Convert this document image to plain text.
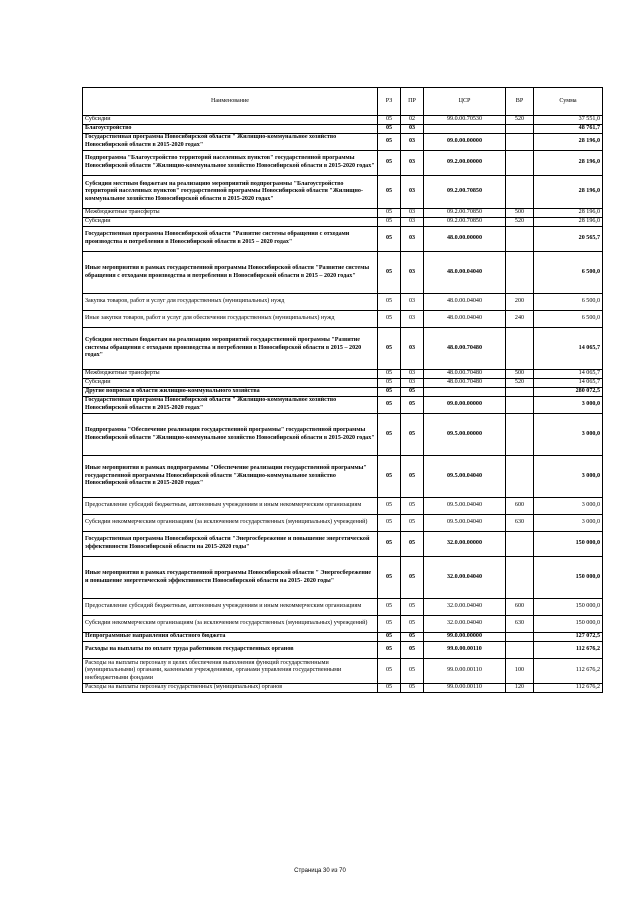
Наименование	РЗ	ПР	ЦСР	ВР	Сумма
Субсидии	05	02	99.0.00.70530	520	37 551,0
Благоустройство	05	03			48 761,7
Государственная программа Новосибирской области " Жилищно-коммунальное хозяйство Новосибирской области в 2015-2020 годах"	05	03	09.0.00.00000		28 196,0
Подпрограмма "Благоустройство территорий населенных пунктов" государственной программы Новосибирской области "Жилищно-коммунальное хозяйство Новосибирской области в 2015-2020 годах"	05	03	09.2.00.00000		28 196,0
Субсидии местным бюджетам на реализацию мероприятий подпрограммы "Благоустройство территорий населенных пунктов" государственной программы Новосибирской области "Жилищно-коммунальное хозяйство Новосибирской области в 2015-2020 годах"	05	03	09.2.00.70850		28 196,0
Межбюджетные трансферты	05	03	09.2.00.70850	500	28 196,0
Субсидии	05	03	09.2.00.70850	520	28 196,0
Государственная программа Новосибирской области "Развитие системы обращения с отходами производства и потребления в Новосибирской области в 2015 – 2020 годах"	05	03	48.0.00.00000		20 565,7
Иные мероприятия в рамках государственной программы Новосибирской области "Развитие системы обращения с отходами производства и потребления в Новосибирской области в 2015 – 2020 годах"	05	03	48.0.00.04040		6 500,0
Закупка товаров, работ и услуг для государственных (муниципальных) нужд	05	03	48.0.00.04040	200	6 500,0
Иные закупки товаров, работ и услуг для обеспечения государственных (муниципальных) нужд	05	03	48.0.00.04040	240	6 500,0
Субсидии местным бюджетам на реализацию мероприятий государственной программы "Развитие системы обращения с отходами производства и потребления в Новосибирской области в 2015 – 2020 годах"	05	03	48.0.00.70480		14 065,7
Межбюджетные трансферты	05	03	48.0.00.70480	500	14 065,7
Субсидии	05	03	48.0.00.70480	520	14 065,7
Другие вопросы в области жилищно-коммунального хозяйства	05	05			280 072,5
Государственная программа Новосибирской области " Жилищно-коммунальное хозяйство Новосибирской области в 2015-2020 годах"	05	05	09.0.00.00000		3 000,0
Подпрограмма "Обеспечение реализации государственной программы" государственной программы Новосибирской области "Жилищно-коммунальное хозяйство Новосибирской области в 2015-2020 годах"	05	05	09.5.00.00000		3 000,0
Иные мероприятия в рамках подпрограммы "Обеспечение реализации государственной программы" государственной программы Новосибирской области "Жилищно-коммунальное хозяйство Новосибирской области в 2015-2020 годах"	05	05	09.5.00.04040		3 000,0
Предоставление субсидий бюджетным, автономным учреждениям и иным некоммерческим организациям	05	05	09.5.00.04040	600	3 000,0
Субсидии некоммерческим организациям (за исключением государственных (муниципальных) учреждений)	05	05	09.5.00.04040	630	3 000,0
Государственная программа Новосибирской области "Энергосбережение и повышение энергетической эффективности Новосибирской области на 2015-2020 годы"	05	05	32.0.00.00000		150 000,0
Иные мероприятия в рамках государственной программы Новосибирской области " Энергосбережение и повышение энергетической эффективности Новосибирской области на 2015- 2020 годы"	05	05	32.0.00.04040		150 000,0
Предоставление субсидий бюджетным, автономным учреждениям и иным некоммерческим организациям	05	05	32.0.00.04040	600	150 000,0
Субсидии некоммерческим организациям (за исключением государственных (муниципальных) учреждений)	05	05	32.0.00.04040	630	150 000,0
Непрограммные направления областного бюджета	05	05	99.0.00.00000		127 072,5
Расходы на выплаты по оплате труда работников государственных органов	05	05	99.0.00.00110		112 676,2
Расходы на выплаты персоналу в целях обеспечения выполнения функций государственными (муниципальными) органами, казенными учреждениями, органами управления государственными внебюджетными фондами	05	05	99.0.00.00110	100	112 676,2
Расходы на выплаты персоналу государственных (муниципальных) органов	05	05	99.0.00.00110	120	112 676,2
Страница 30 из 70
